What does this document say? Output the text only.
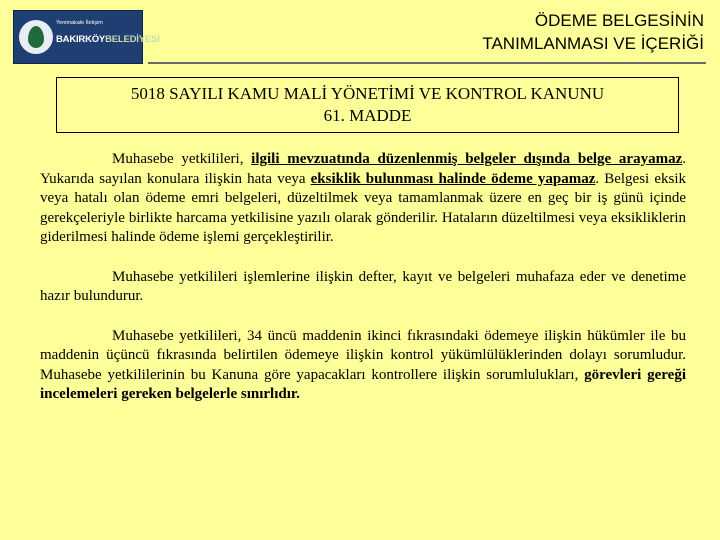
Yenimakale İletişim
BAKIRKÖYBELEDİYESİ
ÖDEME BELGESİNİN
TANIMLANMASI VE İÇERİĞİ
5018 SAYILI KAMU MALİ YÖNETİMİ VE KONTROL KANUNU
61. MADDE

Muhasebe yetkilileri, ilgili mevzuatında düzenlenmiş belgeler dışında belge arayamaz. Yukarıda sayılan konulara ilişkin hata veya eksiklik bulunması halinde ödeme yapamaz. Belgesi eksik veya hatalı olan ödeme emri belgeleri, düzeltilmek veya tamamlanmak üzere en geç bir iş günü içinde gerekçeleriyle birlikte harcama yetkilisine yazılı olarak gönderilir. Hataların düzeltilmesi veya eksikliklerin giderilmesi halinde ödeme işlemi gerçekleştirilir.

Muhasebe yetkilileri işlemlerine ilişkin defter, kayıt ve belgeleri muhafaza eder ve denetime hazır bulundurur.

Muhasebe yetkilileri, 34 üncü maddenin ikinci fıkrasındaki ödemeye ilişkin hükümler ile bu maddenin üçüncü fıkrasında belirtilen ödemeye ilişkin kontrol yükümlülüklerinden dolayı sorumludur. Muhasebe yetkililerinin bu Kanuna göre yapacakları kontrollere ilişkin sorumlulukları, görevleri gereği incelemeleri gereken belgelerle sınırlıdır.
